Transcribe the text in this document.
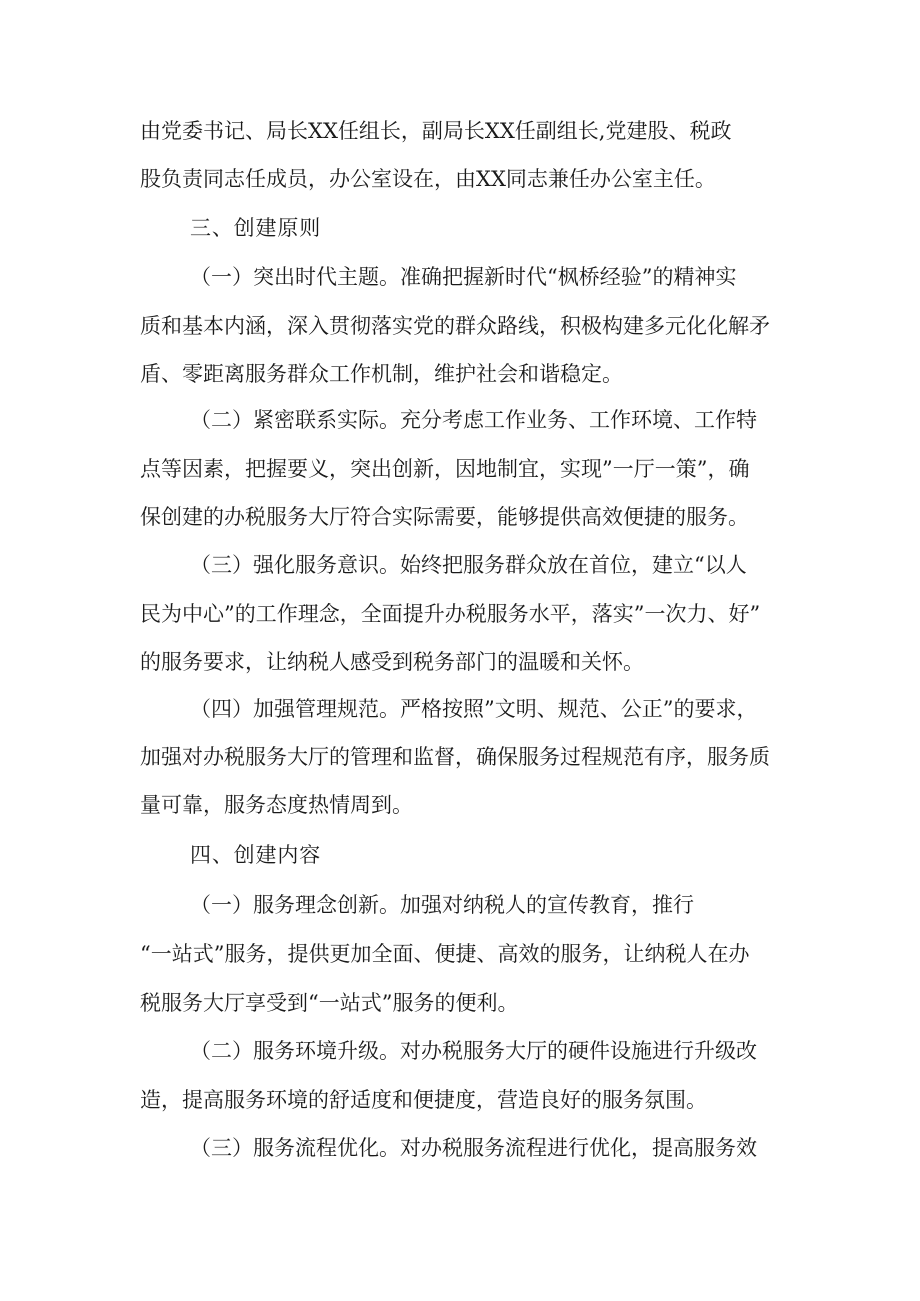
由党委书记、局长XX任组长，副局长XX任副组长,党建股、税政
股负责同志任成员，办公室设在，由XX同志兼任办公室主任。
三、创建原则
（一）突出时代主题。准确把握新时代“枫桥经验”的精神实
质和基本内涵，深入贯彻落实党的群众路线，积极构建多元化化解矛
盾、零距离服务群众工作机制，维护社会和谐稳定。
（二）紧密联系实际。充分考虑工作业务、工作环境、工作特
点等因素，把握要义，突出创新，因地制宜，实现”一厅一策”，确
保创建的办税服务大厅符合实际需要，能够提供高效便捷的服务。
（三）强化服务意识。始终把服务群众放在首位，建立“以人
民为中心”的工作理念，全面提升办税服务水平，落实”一次力、好”
的服务要求，让纳税人感受到税务部门的温暖和关怀。
（四）加强管理规范。严格按照”文明、规范、公正”的要求，
加强对办税服务大厅的管理和监督，确保服务过程规范有序，服务质
量可靠，服务态度热情周到。
四、创建内容
（一）服务理念创新。加强对纳税人的宣传教育，推行
“一站式”服务，提供更加全面、便捷、高效的服务，让纳税人在办
税服务大厅享受到“一站式”服务的便利。
（二）服务环境升级。对办税服务大厅的硬件设施进行升级改
造，提高服务环境的舒适度和便捷度，营造良好的服务氛围。
（三）服务流程优化。对办税服务流程进行优化，提高服务效
